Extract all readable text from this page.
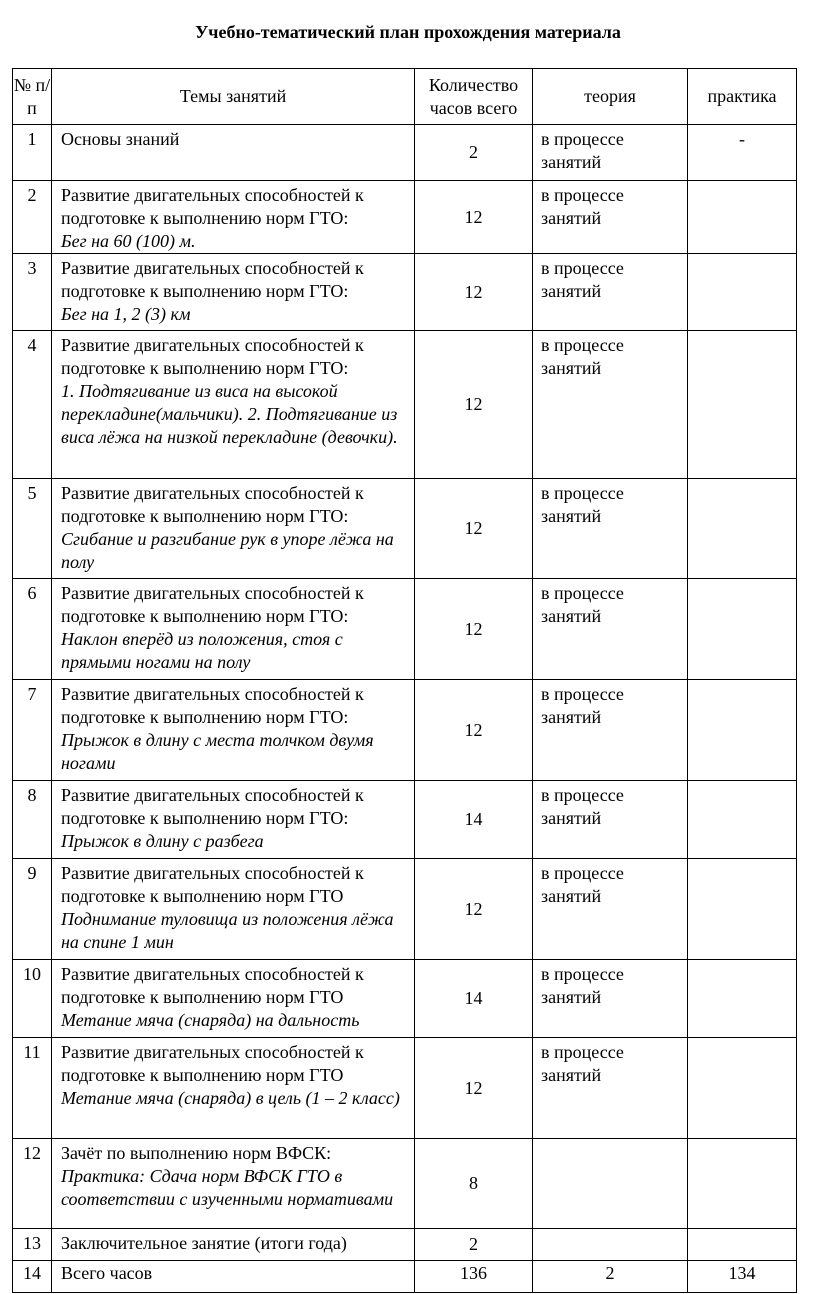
Учебно-тематический план прохождения материала
№ п/п	Темы занятий	Количество часов всего	теория	практика
1	Основы знаний	2	в процессе занятий	-
2	Развитие двигательных способностей к подготовке к выполнению норм ГТО:
Бег на 60 (100) м.	12	в процессе занятий	
3	Развитие двигательных способностей к подготовке к выполнению норм ГТО:
Бег на 1, 2 (3) км	12	в процессе занятий	
4	Развитие двигательных способностей к подготовке к выполнению норм ГТО:
1. Подтягивание из виса на высокой перекладине(мальчики). 2. Подтягивание из виса лёжа на низкой перекладине (девочки).	12	в процессе занятий	
5	Развитие двигательных способностей к подготовке к выполнению норм ГТО:
Сгибание и разгибание рук в упоре лёжа на полу	12	в процессе занятий	
6	Развитие двигательных способностей к подготовке к выполнению норм ГТО:
Наклон вперёд из положения, стоя с прямыми ногами на полу	12	в процессе занятий	
7	Развитие двигательных способностей к подготовке к выполнению норм ГТО:
Прыжок в длину с места толчком двумя ногами	12	в процессе занятий	
8	Развитие двигательных способностей к подготовке к выполнению норм ГТО:
Прыжок в длину с разбега	14	в процессе занятий	
9	Развитие двигательных способностей к подготовке к выполнению норм ГТО
Поднимание туловища из положения лёжа на спине 1 мин	12	в процессе занятий	
10	Развитие двигательных способностей к подготовке к выполнению норм ГТО
Метание мяча (снаряда) на дальность	14	в процессе занятий	
11	Развитие двигательных способностей к подготовке к выполнению норм ГТО
Метание мяча (снаряда) в цель (1 – 2 класс)	12	в процессе занятий	
12	Зачёт по выполнению норм ВФСК:
Практика: Сдача норм ВФСК ГТО в соответствии с изученными нормативами	8		
13	Заключительное занятие (итоги года)	2		
14	Всего часов	136	2	134
